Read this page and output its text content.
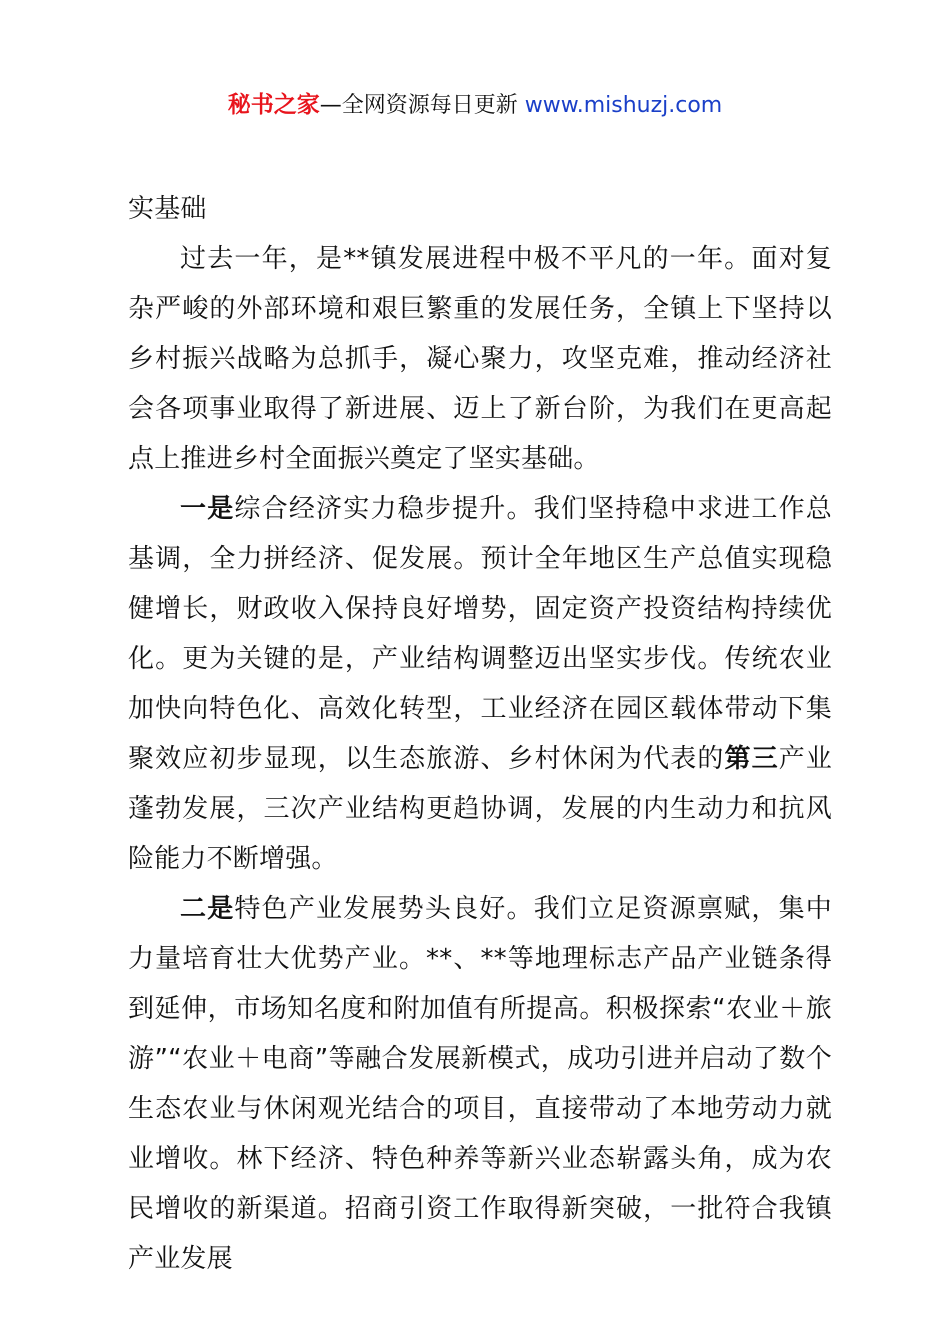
秘书之家—全网资源每日更新 www.mishuzj.com

实基础

过去一年，是**镇发展进程中极不平凡的一年。面对复杂严峻的外部环境和艰巨繁重的发展任务，全镇上下坚持以乡村振兴战略为总抓手，凝心聚力，攻坚克难，推动经济社会各项事业取得了新进展、迈上了新台阶，为我们在更高起点上推进乡村全面振兴奠定了坚实基础。

一是综合经济实力稳步提升。我们坚持稳中求进工作总基调，全力拼经济、促发展。预计全年地区生产总值实现稳健增长，财政收入保持良好增势，固定资产投资结构持续优化。更为关键的是，产业结构调整迈出坚实步伐。传统农业加快向特色化、高效化转型，工业经济在园区载体带动下集聚效应初步显现，以生态旅游、乡村休闲为代表的第三产业蓬勃发展，三次产业结构更趋协调，发展的内生动力和抗风险能力不断增强。

二是特色产业发展势头良好。我们立足资源禀赋，集中力量培育壮大优势产业。**、**等地理标志产品产业链条得到延伸，市场知名度和附加值有所提高。积极探索“农业＋旅游”“农业＋电商”等融合发展新模式，成功引进并启动了数个生态农业与休闲观光结合的项目，直接带动了本地劳动力就业增收。林下经济、特色种养等新兴业态崭露头角，成为农民增收的新渠道。招商引资工作取得新突破，一批符合我镇产业发展
